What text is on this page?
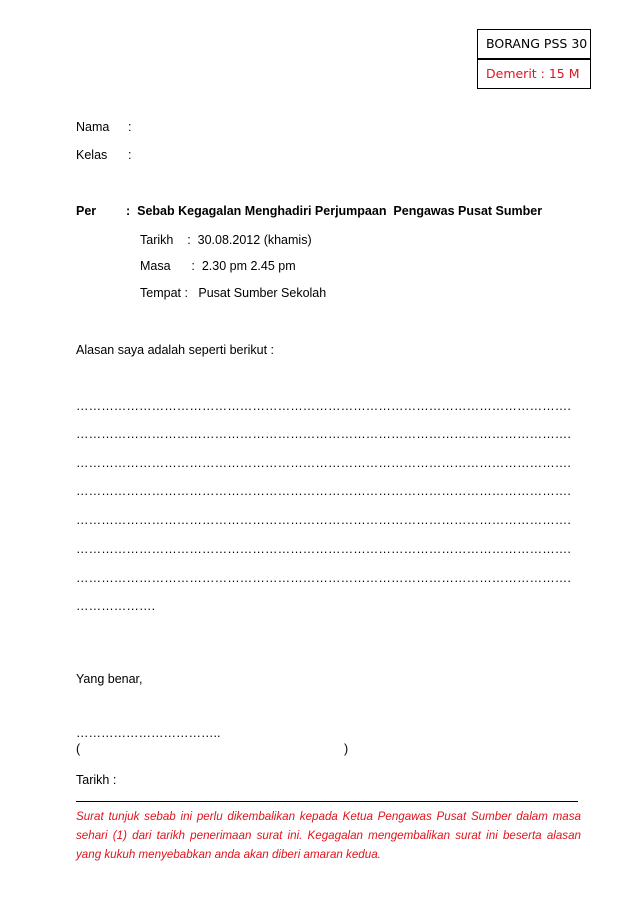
BORANG PSS 30
Demerit : 15 M
Nama :
Kelas :
Per :  Sebab Kegagalan Menghadiri Perjumpaan  Pengawas Pusat Sumber
Tarikh    :  30.08.2012 (khamis)
Masa      :  2.30 pm 2.45 pm
Tempat :   Pusat Sumber Sekolah
Alasan saya adalah seperti berikut :
……………………………………………………………………………………………………….
……………………………………………………………………………………………………….
……………………………………………………………………………………………………….
……………………………………………………………………………………………………….
……………………………………………………………………………………………………….
……………………………………………………………………………………………………….
……………………………………………………………………………………………………….
……………….
Yang benar,
……………………………..
(	)
Tarikh :
Surat tunjuk sebab ini perlu dikembalikan kepada Ketua Pengawas Pusat Sumber dalam masa sehari (1) dari tarikh penerimaan surat ini. Kegagalan mengembalikan surat ini beserta alasan yang kukuh menyebabkan anda akan diberi amaran kedua.
